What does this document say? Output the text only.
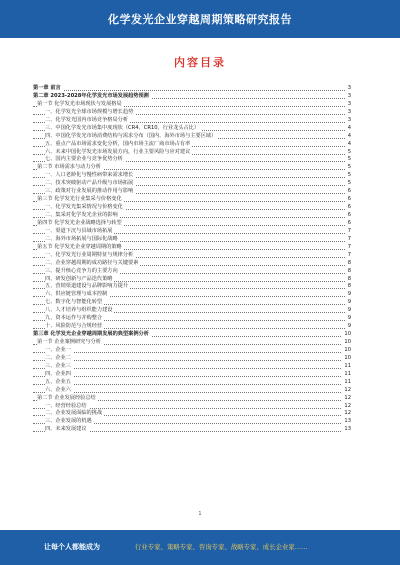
化学发光企业穿越周期策略研究报告
内容目录
第一章 前言	3
第二章 2023-2028年化学发光市场发展趋势预测	3
第一节 化学发光市场现状与发展格局	3
一、化学发光全球市场规模与增长趋势	3
二、化学发光国内市场竞争格局分析	3
三、中国化学发光市场集中度现状（CR4、CR10、行业龙头占比）	4
四、中国化学发光市场消费结构与需求分布（国内、海外市场与主要区域）	4
五、重点产品市场需求变化分析，国内市场主流厂商市场占有率	4
六、未来中国化学发光市场发展方向，行业主要风险与应对建议	5
七、国内主要企业与竞争优势分析	5
第二节 市场需求与动力分析	5
一、人口老龄化与慢性病带来需求增长	5
二、技术突破驱动产品升级与市场拓展	5
三、政策对行业发展的推动作用与影响	6
第三节 化学发光行业集采与价格变化	6
一、化学发光集采情况与价格变化	6
二、集采对化学发光企业的影响	6
第四节 化学发光企业战略选择与转型	6
一、渠道下沉与县域市场拓展	7
二、海外市场拓展与国际化战略	7
第五节 化学发光企业穿越周期的策略	7
一、化学发光行业周期特征与规律分析	7
二、企业穿越周期的成功路径与关键要素	8
三、提升核心竞争力的主要方向	8
四、研发创新与产品迭代策略	8
五、营销渠道建设与品牌影响力提升	8
六、供应链管理与成本控制	9
七、数字化与智能化转型	9
八、人才培养与组织能力建设	9
九、资本运作与并购整合	9
十、风险防范与合规经营	9
第三章 化学发光企业穿越周期发展的典型案例分析	10
第一节 企业案例研究与分析	10
一、企业一	10
二、企业二	10
三、企业三	11
四、企业四	11
五、企业五	11
六、企业六	12
第二节 企业发展经验总结	12
一、经营经验总结	12
二、企业发展面临的挑战	12
三、企业发展的机遇	13
四、未来发展建议	13
1
让每个人都能成为	行业专家、策略专家、咨询专家、战略专家、成长企业家……
